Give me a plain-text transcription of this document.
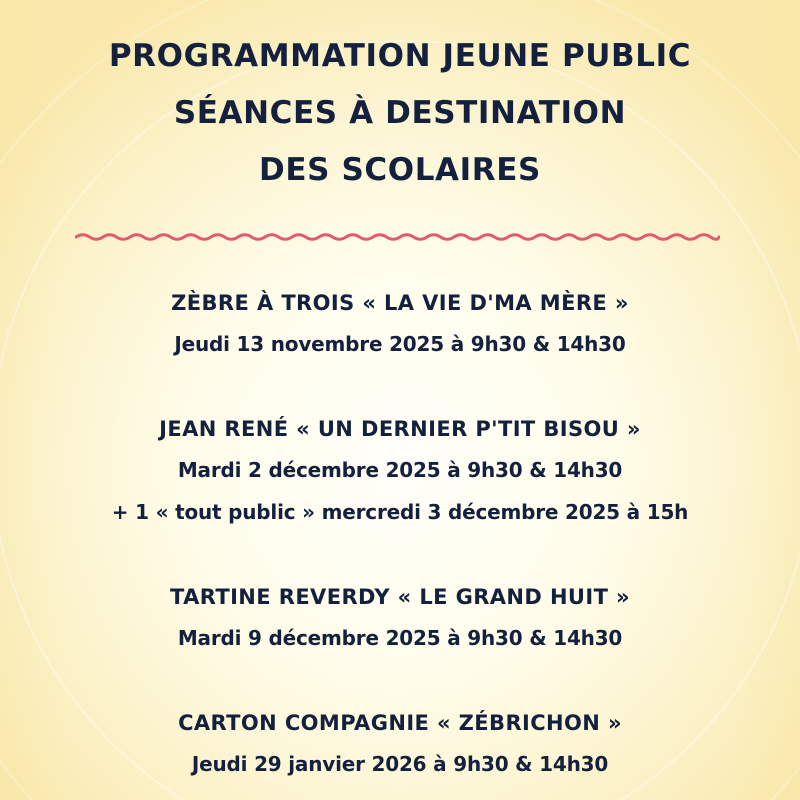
PROGRAMMATION JEUNE PUBLIC
SÉANCES À DESTINATION
DES SCOLAIRES
ZÈBRE À TROIS « LA VIE D'MA MÈRE »
Jeudi 13 novembre 2025 à 9h30 & 14h30
JEAN RENÉ « UN DERNIER P'TIT BISOU »
Mardi 2 décembre 2025 à 9h30 & 14h30
+ 1 « tout public » mercredi 3 décembre 2025 à 15h
TARTINE REVERDY « LE GRAND HUIT »
Mardi 9 décembre 2025 à 9h30 & 14h30
CARTON COMPAGNIE « ZÉBRICHON »
Jeudi 29 janvier 2026 à 9h30 & 14h30
